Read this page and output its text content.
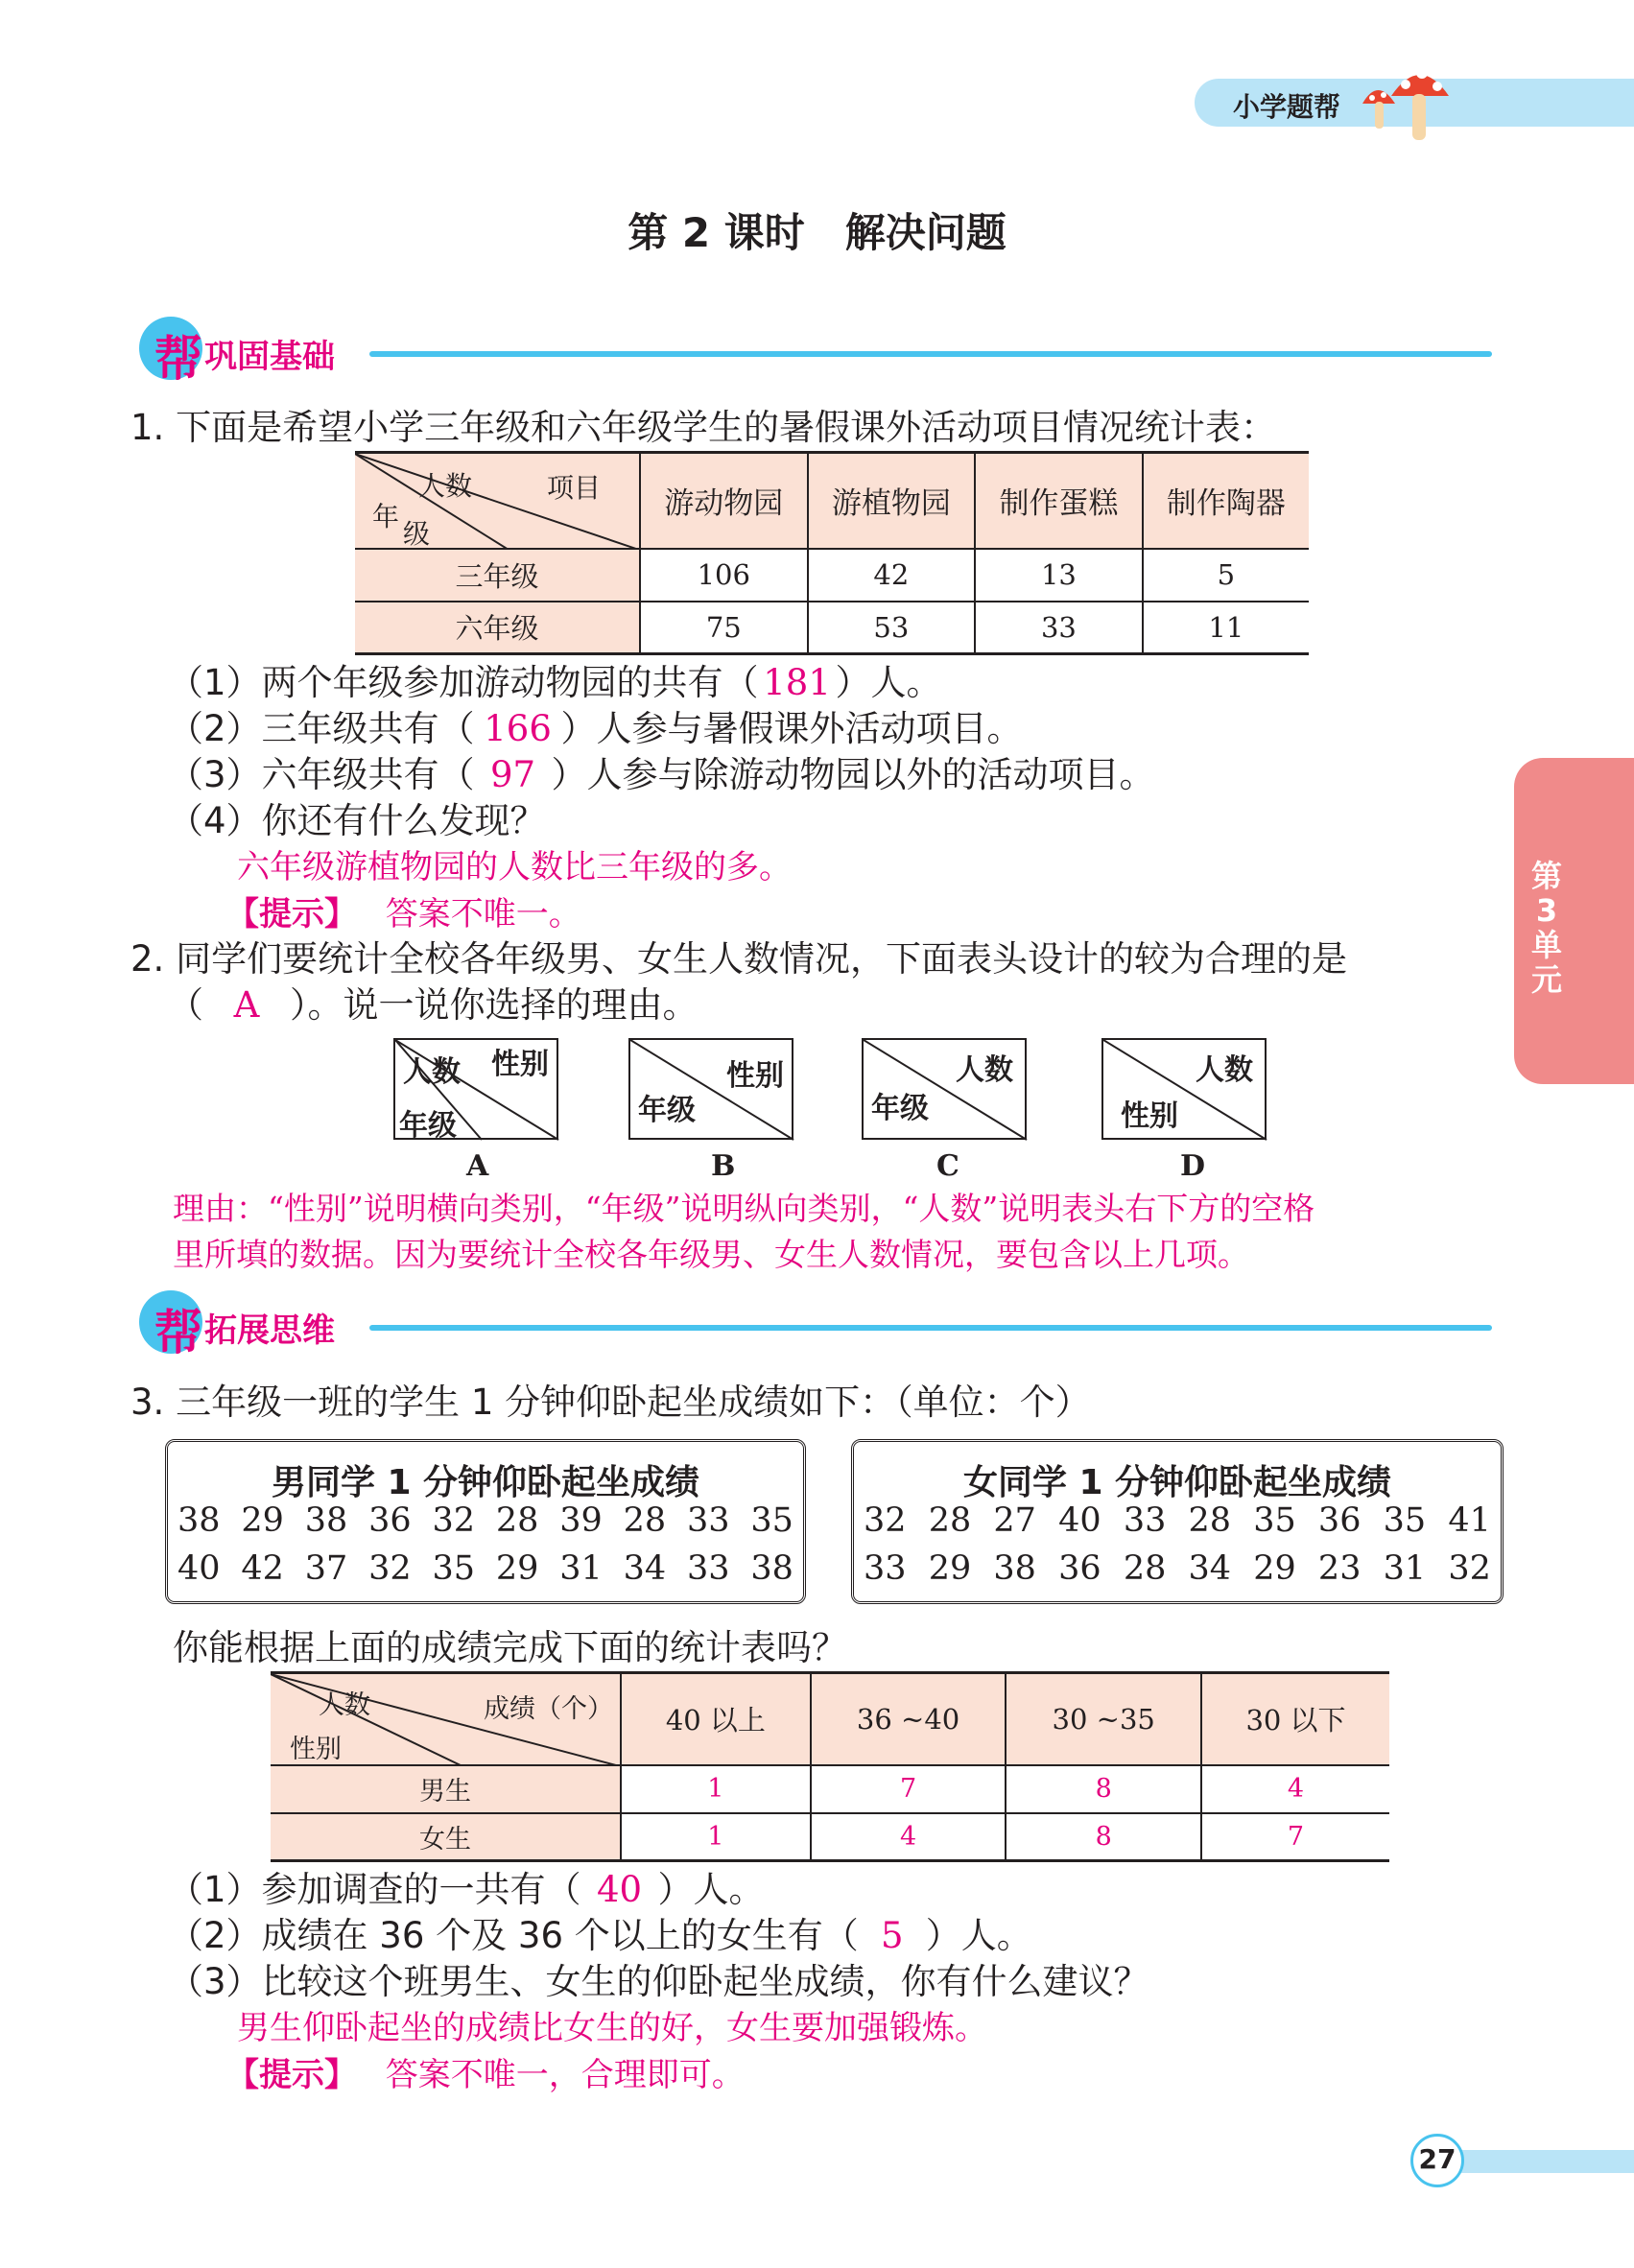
小学题帮
第
3
单
元
第 2 课时　解决问题
帮 巩固基础
1. 下面是希望小学三年级和六年级学生的暑假课外活动项目情况统计表：
人数 项目
年
级	游动物园	游植物园	制作蛋糕	制作陶器
三年级	106	42	13	5
六年级	75	53	33	11
（1）两个年级参加游动物园的共有（ 181 ）人。
（2）三年级共有（ 166 ）人参与暑假课外活动项目。
（3）六年级共有（ 97 ）人参与除游动物园以外的活动项目。
（4）你还有什么发现？
六年级游植物园的人数比三年级的多。
【提示】 答案不唯一。
2. 同学们要统计全校各年级男、女生人数情况，下面表头设计的较为合理的是
（ A ）。说一说你选择的理由。
人数 性别
年级
A
性别
年级
B
人数
年级
C
人数
性别
D
理由：“性别”说明横向类别，“年级”说明纵向类别，“人数”说明表头右下方的空格
里所填的数据。因为要统计全校各年级男、女生人数情况，要包含以上几项。
帮 拓展思维
3. 三年级一班的学生 1 分钟仰卧起坐成绩如下：（单位：个）
男同学 1 分钟仰卧起坐成绩
38 29 38 36 32 28 39 28 33 35
40 42 37 32 35 29 31 34 33 38
女同学 1 分钟仰卧起坐成绩
32 28 27 40 33 28 35 36 35 41
33 29 38 36 28 34 29 23 31 32
你能根据上面的成绩完成下面的统计表吗？
人数 成绩（个）
性别	40 以上	36 ~40	30 ~35	30 以下
男生	1	7	8	4
女生	1	4	8	7
（1）参加调查的一共有（ 40 ）人。
（2）成绩在 36 个及 36 个以上的女生有（ 5 ）人。
（3）比较这个班男生、女生的仰卧起坐成绩，你有什么建议？
男生仰卧起坐的成绩比女生的好，女生要加强锻炼。
【提示】 答案不唯一，合理即可。
27
